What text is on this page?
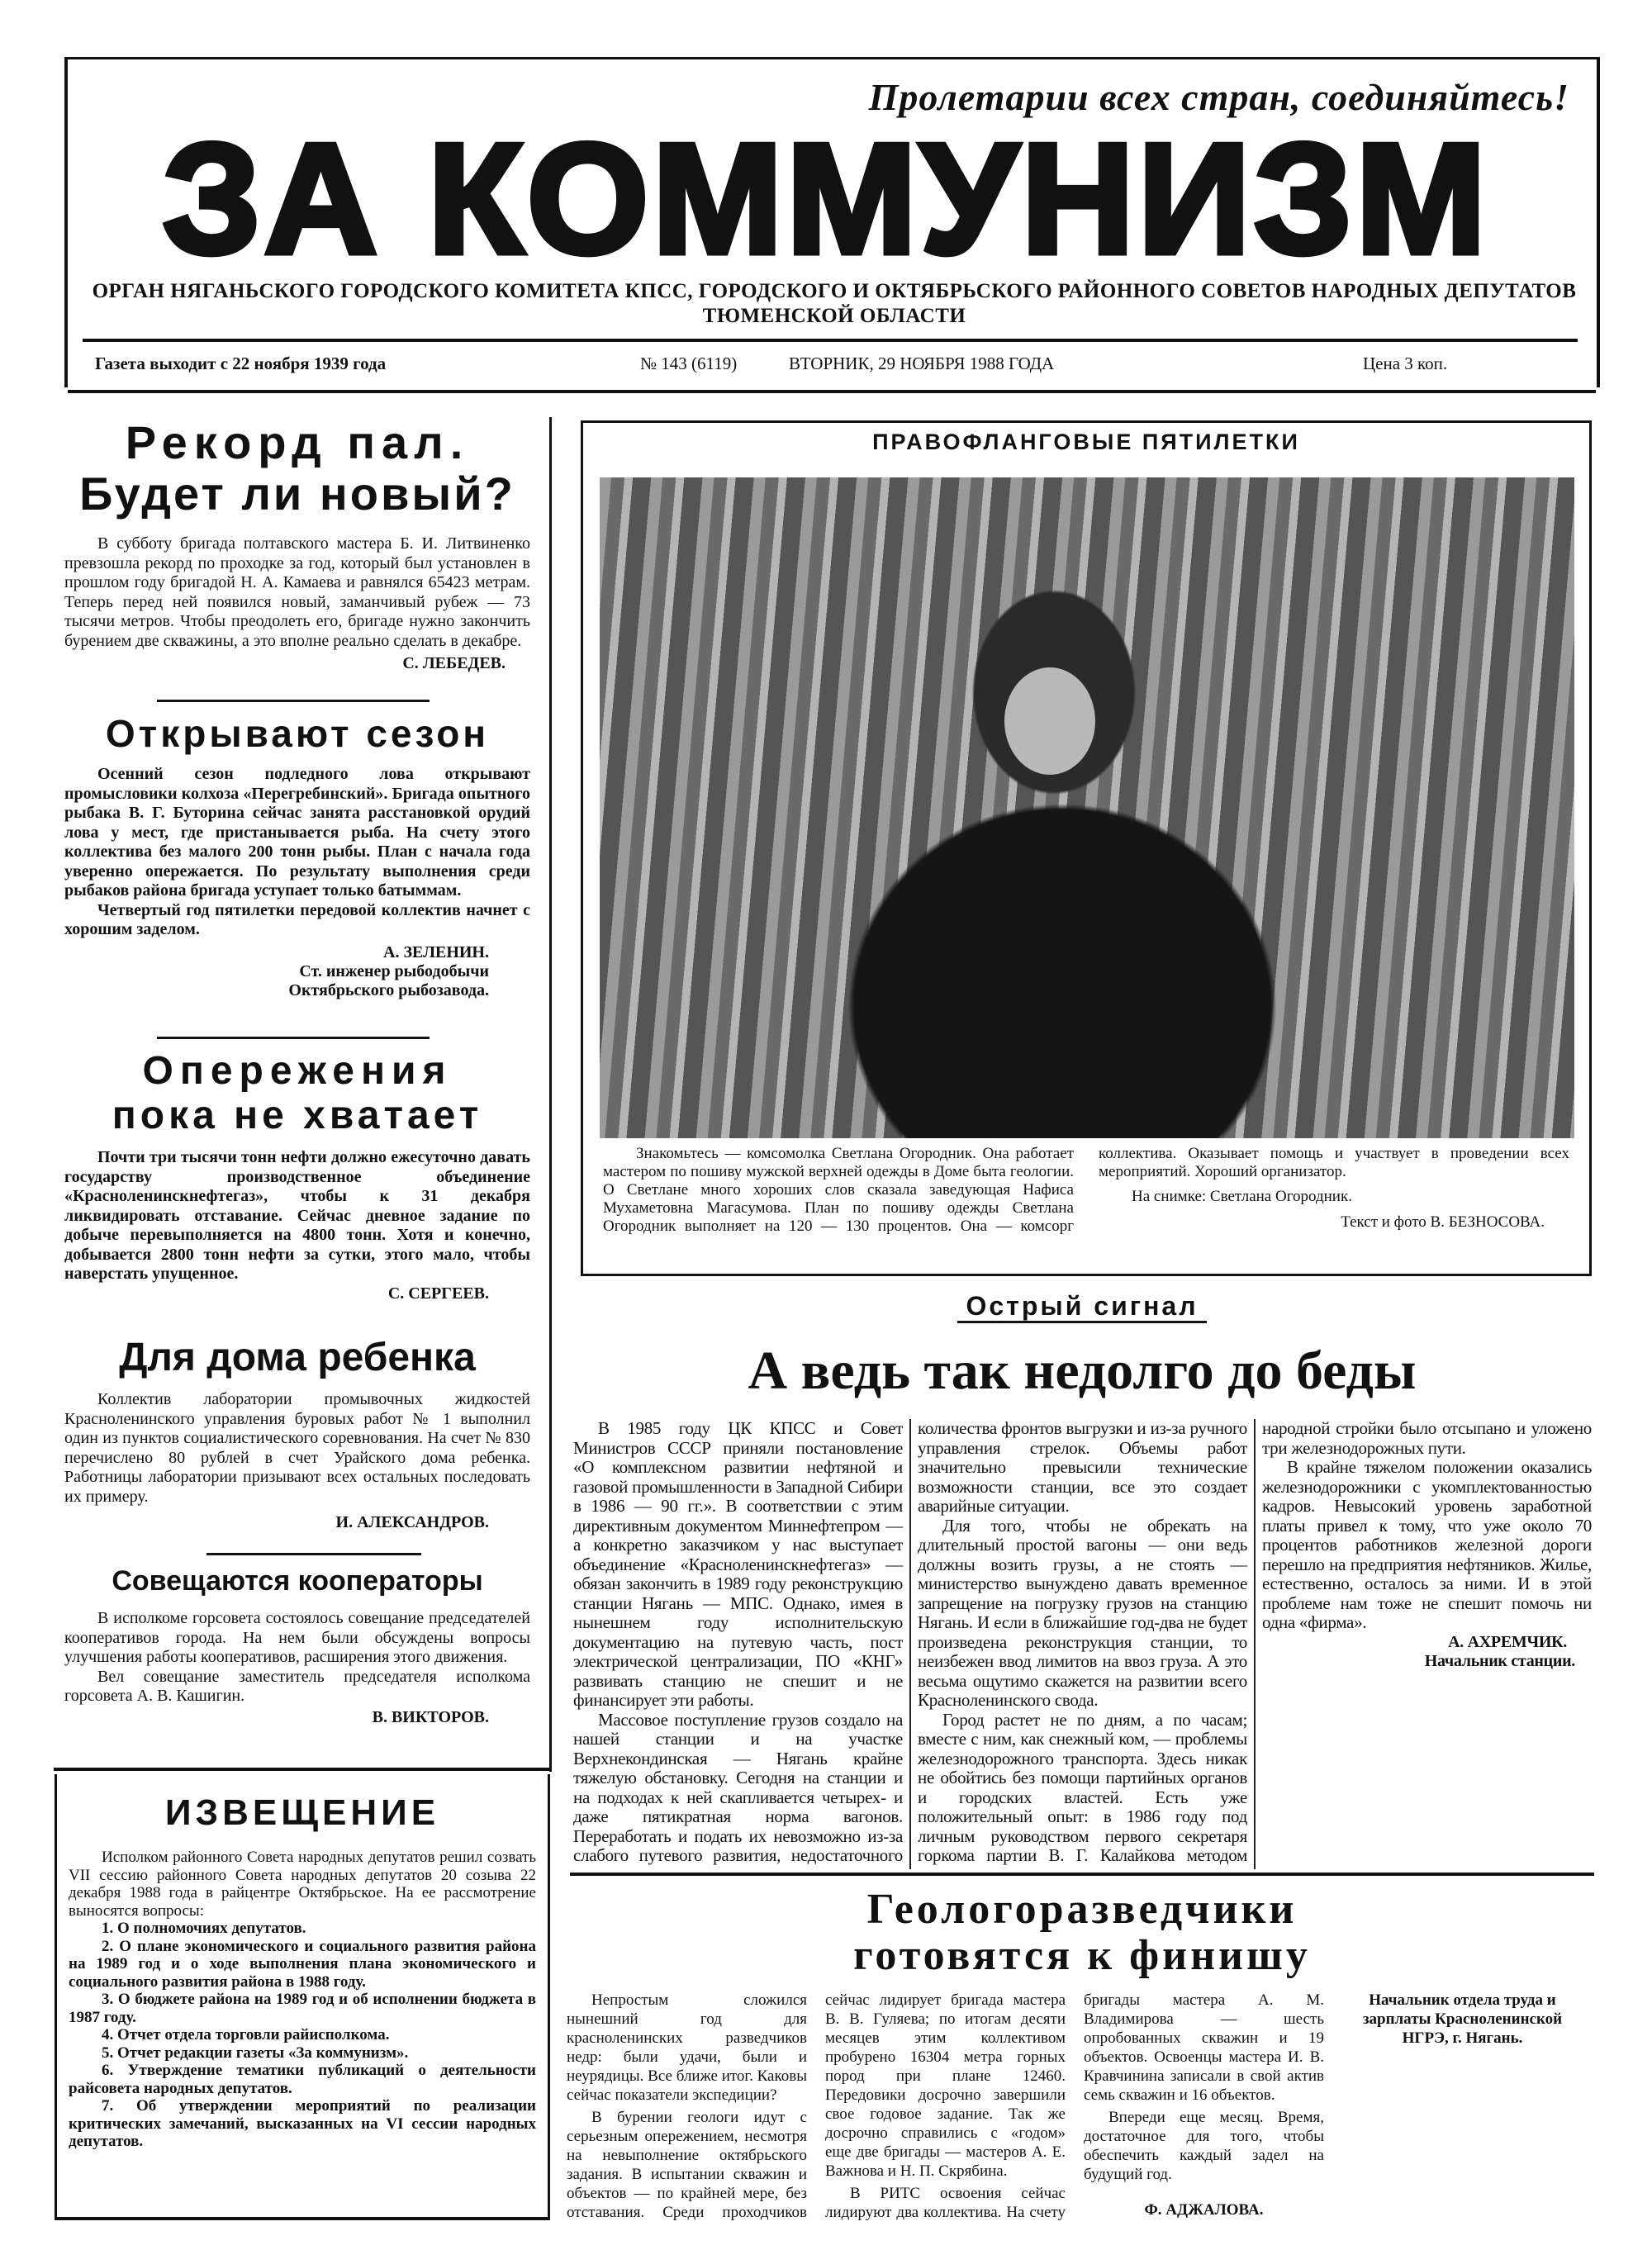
Пролетарии всех стран, соединяйтесь!
ЗА КОММУНИЗМ
ОРГАН НЯГАНЬСКОГО ГОРОДСКОГО КОМИТЕТА КПСС, ГОРОДСКОГО И ОКТЯБРЬСКОГО РАЙОННОГО СОВЕТОВ НАРОДНЫХ ДЕПУТАТОВ
ТЮМЕНСКОЙ ОБЛАСТИ
Газета выходит с 22 ноября 1939 года	№ 143 (6119)	ВТОРНИК, 29 НОЯБРЯ 1988 ГОДА	Цена 3 коп.
Рекорд пал.
Будет ли новый?

В субботу бригада полтавского мастера Б. И. Литвиненко превзошла рекорд по проходке за год, который был установлен в прошлом году бригадой Н. А. Камаева и равнялся 65423 метрам. Теперь перед ней появился новый, заманчивый рубеж — 73 тысячи метров. Чтобы преодолеть его, бригаде нужно закончить бурением две скважины, а это вполне реально сделать в декабре.

С. ЛЕБЕДЕВ.
Открывают сезон

Осенний сезон подледного лова открывают промысловики колхоза «Перегребинский». Бригада опытного рыбака В. Г. Буторина сейчас занята расстановкой орудий лова у мест, где пристанывается рыба. На счету этого коллектива без малого 200 тонн рыбы. План с начала года уверенно опережается. По результату выполнения среди рыбаков района бригада уступает только батыммам.

Четвертый год пятилетки передовой коллектив начнет с хорошим заделом.

А. ЗЕЛЕНИН.
Ст. инженер рыбодобычи
Октябрьского рыбозавода.
Опережения
пока не хватает

Почти три тысячи тонн нефти должно ежесуточно давать государству производственное объединение «Красноленинскнефтегаз», чтобы к 31 декабря ликвидировать отставание. Сейчас дневное задание по добыче перевыполняется на 4800 тонн. Хотя и конечно, добывается 2800 тонн нефти за сутки, этого мало, чтобы наверстать упущенное.

С. СЕРГЕЕВ.
Для дома ребенка

Коллектив лаборатории промывочных жидкостей Красноленинского управления буровых работ № 1 выполнил один из пунктов социалистического соревнования. На счет № 830 перечислено 80 рублей в счет Урайского дома ребенка. Работницы лаборатории призывают всех остальных последовать их примеру.

И. АЛЕКСАНДРОВ.
Совещаются кооператоры

В исполкоме горсовета состоялось совещание председателей кооперативов города. На нем были обсуждены вопросы улучшения работы кооперативов, расширения этого движения.

Вел совещание заместитель председателя исполкома горсовета А. В. Кашигин.

В. ВИКТОРОВ.
ИЗВЕЩЕНИЕ

Исполком районного Совета народных депутатов решил созвать VII сессию районного Совета народных депутатов 20 созыва 22 декабря 1988 года в райцентре Октябрьское. На ее рассмотрение выносятся вопросы:

1. О полномочиях депутатов.

2. О плане экономического и социального развития района на 1989 год и о ходе выполнения плана экономического и социального развития района в 1988 году.

3. О бюджете района на 1989 год и об исполнении бюджета в 1987 году.

4. Отчет отдела торговли райисполкома.

5. Отчет редакции газеты «За коммунизм».

6. Утверждение тематики публикаций о деятельности райсовета народных депутатов.

7. Об утверждении мероприятий по реализации критических замечаний, высказанных на VI сессии народных депутатов.

ПРАВОФЛАНГОВЫЕ ПЯТИЛЕТКИ

Знакомьтесь — комсомолка Светлана Огородник. Она работает мастером по пошиву мужской верхней одежды в Доме быта геологии. О Светлане много хороших слов сказала заведующая Нафиса Мухаметовна Магасумова. План по пошиву одежды Светлана Огородник выполняет на 120 — 130 процентов. Она — комсорг коллектива. Оказывает помощь и участвует в проведении всех мероприятий. Хороший организатор.

На снимке: Светлана Огородник.

Текст и фото В. БЕЗНОСОВА.
Острый сигнал
А ведь так недолго до беды

В 1985 году ЦК КПСС и Совет Министров СССР приняли постановление «О комплексном развитии нефтяной и газовой промышленности в Западной Сибири в 1986 — 90 гг.». В соответствии с этим директивным документом Миннефтепром — а конкретно заказчиком у нас выступает объединение «Красноленинскнефтегаз» — обязан закончить в 1989 году реконструкцию станции Нягань — МПС. Однако, имея в нынешнем году исполнительскую документацию на путевую часть, пост электрической централизации, ПО «КНГ» развивать станцию не спешит и не финансирует эти работы.

Массовое поступление грузов создало на нашей станции и на участке Верхнекондинская — Нягань крайне тяжелую обстановку. Сегодня на станции и на подходах к ней скапливается четырех- и даже пятикратная норма вагонов. Переработать и подать их невозможно из-за слабого путевого развития, недостаточного количества фронтов выгрузки и из-за ручного управления стрелок. Объемы работ значительно превысили технические возможности станции, все это создает аварийные ситуации.

Для того, чтобы не обрекать на длительный простой вагоны — они ведь должны возить грузы, а не стоять — министерство вынуждено давать временное запрещение на погрузку грузов на станцию Нягань. И если в ближайшие год-два не будет произведена реконструкция станции, то неизбежен ввод лимитов на ввоз груза. А это весьма ощутимо скажется на развитии всего Красноленинского свода.

Город растет не по дням, а по часам; вместе с ним, как снежный ком, — проблемы железнодорожного транспорта. Здесь никак не обойтись без помощи партийных органов и городских властей. Есть уже положительный опыт: в 1986 году под личным руководством первого секретаря горкома партии В. Г. Калайкова методом народной стройки было отсыпано и уложено три железнодорожных пути.

В крайне тяжелом положении оказались железнодорожники с укомплектованностью кадров. Невысокий уровень заработной платы привел к тому, что уже около 70 процентов работников железной дороги перешло на предприятия нефтяников. Жилье, естественно, осталось за ними. И в этой проблеме нам тоже не спешит помочь ни одна «фирма».

А. АХРЕМЧИК.
Начальник станции.
Геологоразведчики
готовятся к финишу

Непростым сложился нынешний год для красноленинских разведчиков недр: были удачи, были и неурядицы. Все ближе итог. Каковы сейчас показатели экспедиции?

В бурении геологи идут с серьезным опережением, несмотря на невыполнение октябрьского задания. В испытании скважин и объектов — по крайней мере, без отставания. Среди проходчиков сейчас лидирует бригада мастера В. В. Гуляева; по итогам десяти месяцев этим коллективом пробурено 16304 метра горных пород при плане 12460. Передовики досрочно завершили свое годовое задание. Так же досрочно справились с «годом» еще две бригады — мастеров А. Е. Важнова и Н. П. Скрябина.

В РИТС освоения сейчас лидируют два коллектива. На счету бригады мастера А. М. Владимирова — шесть опробованных скважин и 19 объектов. Освоенцы мастера И. В. Кравчинина записали в свой актив семь скважин и 16 объектов.

Впереди еще месяц. Время, достаточное для того, чтобы обеспечить каждый задел на будущий год.

Ф. АДЖАЛОВА.
Начальник отдела труда и зарплаты Красноленинской НГРЭ, г. Нягань.
